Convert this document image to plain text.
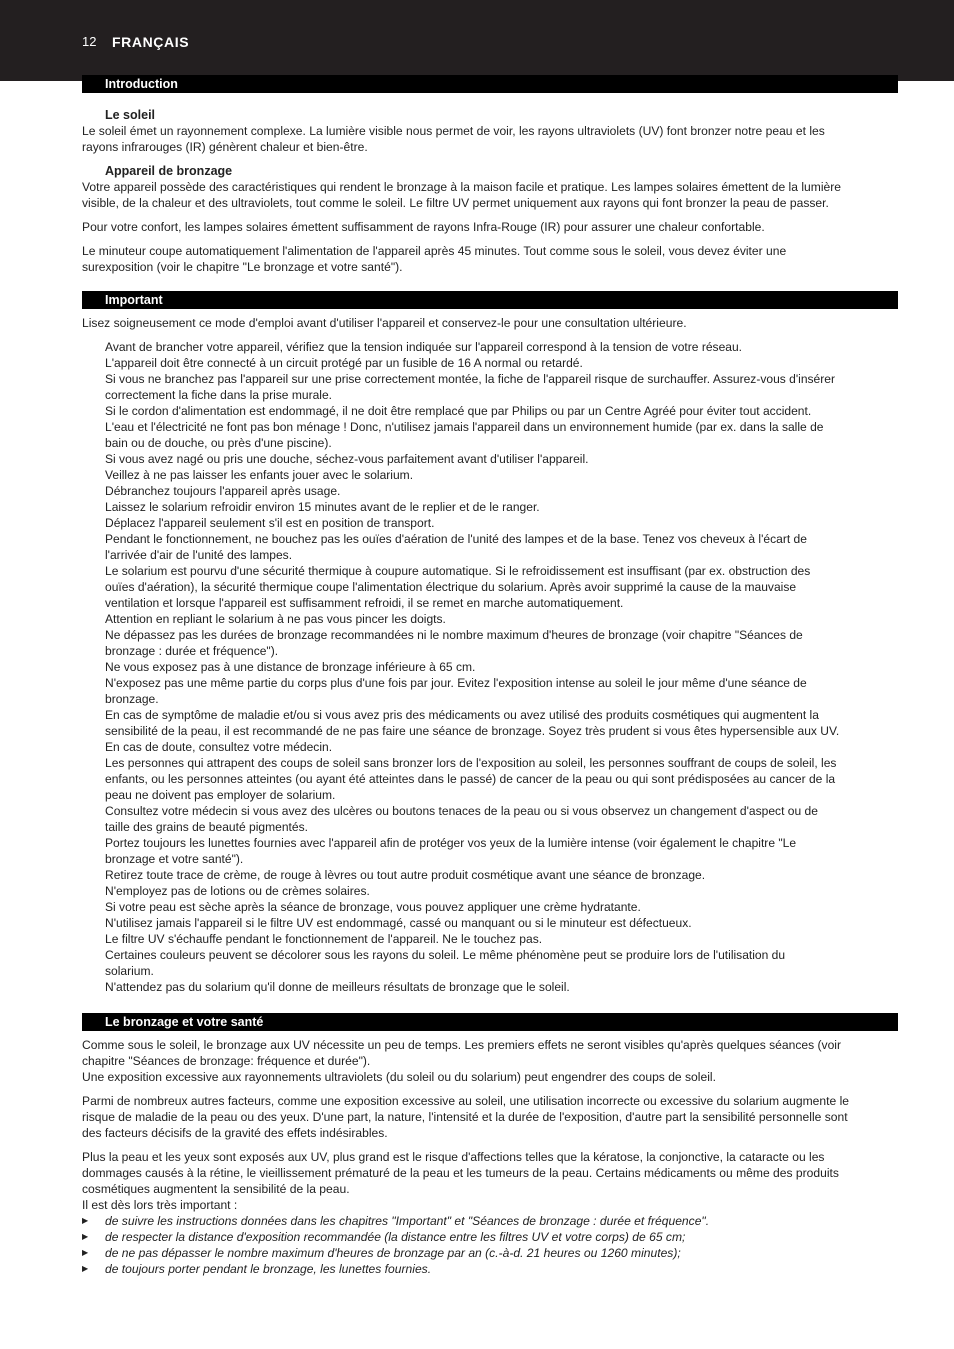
12 FRANÇAIS
Introduction
Le soleil
Le soleil émet un rayonnement complexe. La lumière visible nous permet de voir, les rayons ultraviolets (UV) font bronzer notre peau et les
rayons infrarouges (IR) génèrent chaleur et bien-être.
Appareil de bronzage
Votre appareil possède des caractéristiques qui rendent le bronzage à la maison facile et pratique. Les lampes solaires émettent de la lumière
visible, de la chaleur et des ultraviolets, tout comme le soleil. Le filtre UV permet uniquement aux rayons qui font bronzer la peau de passer.
Pour votre confort, les lampes solaires émettent suffisamment de rayons Infra-Rouge (IR) pour assurer une chaleur confortable.
Le minuteur coupe automatiquement l'alimentation de l'appareil après 45 minutes. Tout comme sous le soleil, vous devez éviter une
surexposition (voir le chapitre "Le bronzage et votre santé").
Important
Lisez soigneusement ce mode d'emploi avant d'utiliser l'appareil et conservez-le pour une consultation ultérieure.
Avant de brancher votre appareil, vérifiez que la tension indiquée sur l'appareil correspond à la tension de votre réseau.
L'appareil doit être connecté à un circuit protégé par un fusible de 16 A normal ou retardé.
Si vous ne branchez pas l'appareil sur une prise correctement montée, la fiche de l'appareil risque de surchauffer. Assurez-vous d'insérer
correctement la fiche dans la prise murale.
Si le cordon d'alimentation est endommagé, il ne doit être remplacé que par Philips ou par un Centre Agréé pour éviter tout accident.
L'eau et l'électricité ne font pas bon ménage ! Donc, n'utilisez jamais l'appareil dans un environnement humide (par ex. dans la salle de
bain ou de douche, ou près d'une piscine).
Si vous avez nagé ou pris une douche, séchez-vous parfaitement avant d'utiliser l'appareil.
Veillez à ne pas laisser les enfants jouer avec le solarium.
Débranchez toujours l'appareil après usage.
Laissez le solarium refroidir environ 15 minutes avant de le replier et de le ranger.
Déplacez l'appareil seulement s'il est en position de transport.
Pendant le fonctionnement, ne bouchez pas les ouïes d'aération de l'unité des lampes et de la base. Tenez vos cheveux à l'écart de
l'arrivée d'air de l'unité des lampes.
Le solarium est pourvu d'une sécurité thermique à coupure automatique. Si le refroidissement est insuffisant (par ex. obstruction des
ouïes d'aération), la sécurité thermique coupe l'alimentation électrique du solarium. Après avoir supprimé la cause de la mauvaise
ventilation et lorsque l'appareil est suffisamment refroidi, il se remet en marche automatiquement.
Attention en repliant le solarium à ne pas vous pincer les doigts.
Ne dépassez pas les durées de bronzage recommandées ni le nombre maximum d'heures de bronzage (voir chapitre "Séances de
bronzage : durée et fréquence").
Ne vous exposez pas à une distance de bronzage inférieure à 65 cm.
N'exposez pas une même partie du corps plus d'une fois par jour. Evitez l'exposition intense au soleil le jour même d'une séance de
bronzage.
En cas de symptôme de maladie et/ou si vous avez pris des médicaments ou avez utilisé des produits cosmétiques qui augmentent la
sensibilité de la peau, il est recommandé de ne pas faire une séance de bronzage. Soyez très prudent si vous êtes hypersensible aux UV.
En cas de doute, consultez votre médecin.
Les personnes qui attrapent des coups de soleil sans bronzer lors de l'exposition au soleil, les personnes souffrant de coups de soleil, les
enfants, ou les personnes atteintes (ou ayant été atteintes dans le passé) de cancer de la peau ou qui sont prédisposées au cancer de la
peau ne doivent pas employer de solarium.
Consultez votre médecin si vous avez des ulcères ou boutons tenaces de la peau ou si vous observez un changement d'aspect ou de
taille des grains de beauté pigmentés.
Portez toujours les lunettes fournies avec l'appareil afin de protéger vos yeux de la lumière intense (voir également le chapitre "Le
bronzage et votre santé").
Retirez toute trace de crème, de rouge à lèvres ou tout autre produit cosmétique avant une séance de bronzage.
N'employez pas de lotions ou de crèmes solaires.
Si votre peau est sèche après la séance de bronzage, vous pouvez appliquer une crème hydratante.
N'utilisez jamais l'appareil si le filtre UV est endommagé, cassé ou manquant ou si le minuteur est défectueux.
Le filtre UV s'échauffe pendant le fonctionnement de l'appareil. Ne le touchez pas.
Certaines couleurs peuvent se décolorer sous les rayons du soleil. Le même phénomène peut se produire lors de l'utilisation du
solarium.
N'attendez pas du solarium qu'il donne de meilleurs résultats de bronzage que le soleil.
Le bronzage et votre santé
Comme sous le soleil, le bronzage aux UV nécessite un peu de temps. Les premiers effets ne seront visibles qu'après quelques séances (voir
chapitre "Séances de bronzage: fréquence et durée").
Une exposition excessive aux rayonnements ultraviolets (du soleil ou du solarium) peut engendrer des coups de soleil.
Parmi de nombreux autres facteurs, comme une exposition excessive au soleil, une utilisation incorrecte ou excessive du solarium augmente le
risque de maladie de la peau ou des yeux. D'une part, la nature, l'intensité et la durée de l'exposition, d'autre part la sensibilité personnelle sont
des facteurs décisifs de la gravité des effets indésirables.
Plus la peau et les yeux sont exposés aux UV, plus grand est le risque d'affections telles que la kératose, la conjonctive, la cataracte ou les
dommages causés à la rétine, le vieillissement prématuré de la peau et les tumeurs de la peau. Certains médicaments ou même des produits
cosmétiques augmentent la sensibilité de la peau.
Il est dès lors très important :
▶ de suivre les instructions données dans les chapitres "Important" et "Séances de bronzage : durée et fréquence".
▶ de respecter la distance d'exposition recommandée (la distance entre les filtres UV et votre corps) de 65 cm;
▶ de ne pas dépasser le nombre maximum d'heures de bronzage par an (c.-à-d. 21 heures ou 1260 minutes);
▶ de toujours porter pendant le bronzage, les lunettes fournies.
